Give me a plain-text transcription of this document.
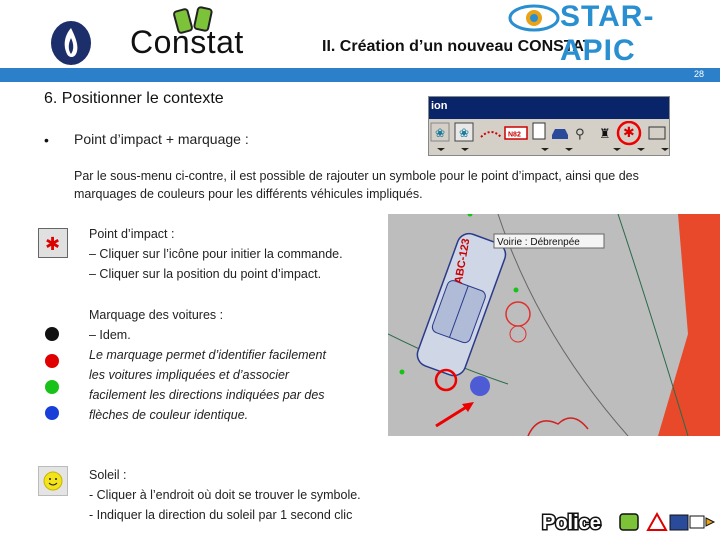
Constat	II. Création d’un nouveau CONSTAT
STAR-APIC
28
6. Positionner le contexte
• Point d’impact + marquage :
ion
❀ ❀	N82	⚲ ♜ ✱
Par le sous-menu ci-contre, il est possible de rajouter un symbole pour le point d’impact, ainsi que des marquages de couleurs pour les différents véhicules impliqués.
✱ Point d’impact :
– Cliquer sur l’icône pour initier la commande.
– Cliquer sur la position du point d’impact.
Marquage des voitures :
– Idem.
Le marquage permet d’identifier facilement
les voitures impliquées et d’associer
facilement les directions indiquées par des
flèches de couleur identique.
ABC-123 Voirie : Débrenpée
Soleil :
- Cliquer à l’endroit où doit se trouver le symbole.
- Indiquer la direction du soleil par 1 second clic	Police
